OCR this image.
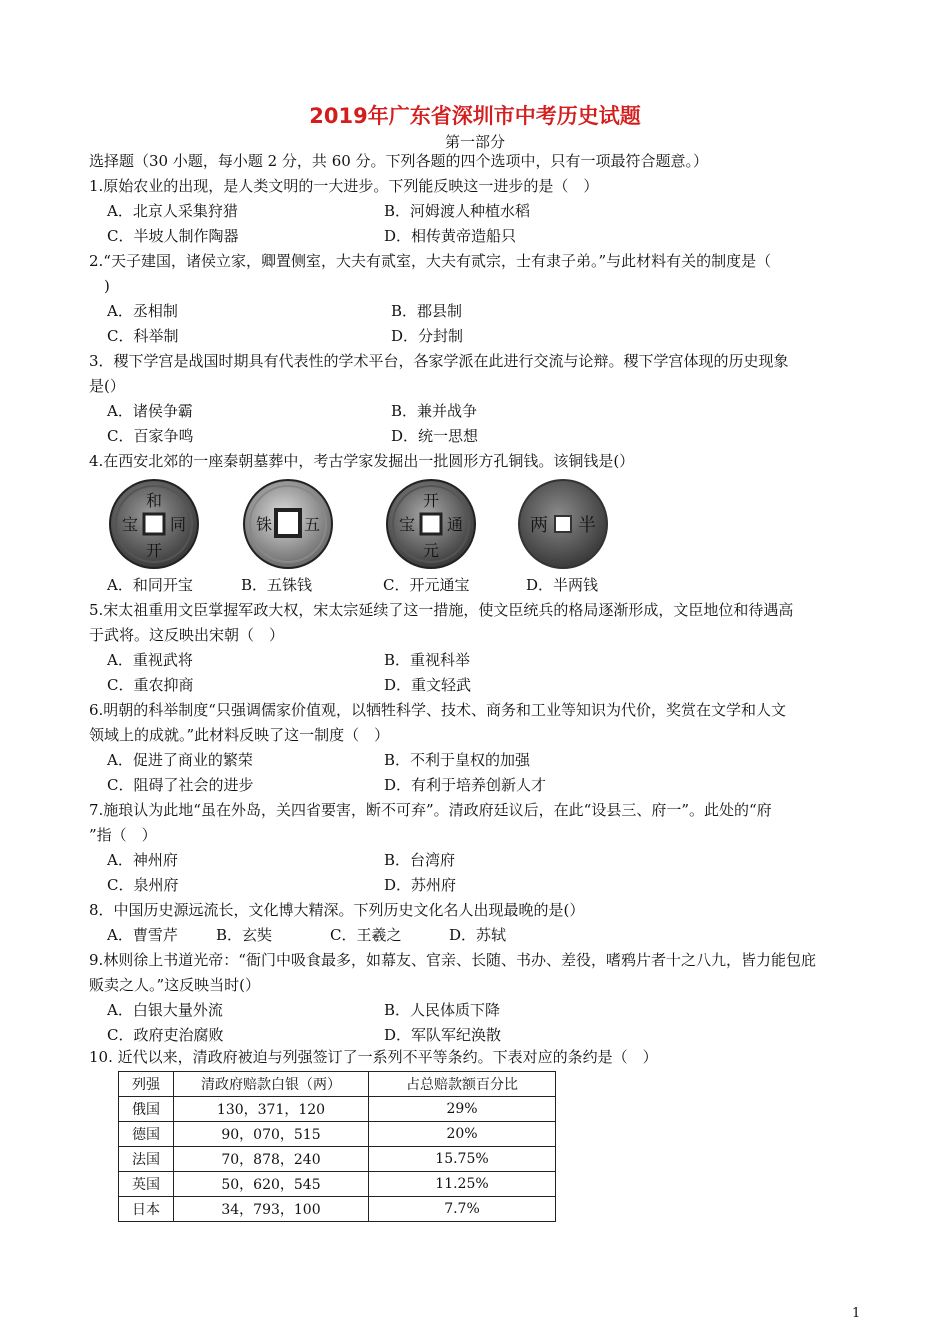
2019年广东省深圳市中考历史试题
第一部分
选择题（30 小题，每小题 2 分，共 60 分。下列各题的四个选项中，只有一项最符合题意。）
1.原始农业的出现，是人类文明的一大进步。下列能反映这一进步的是（　）
A．北京人采集狩猎	B．河姆渡人种植水稻
C．半坡人制作陶器	D．相传黄帝造船只
2.“天子建国，诸侯立家，卿置侧室，大夫有贰室，大夫有贰宗，士有隶子弟。”与此材料有关的制度是（
　)
A．丞相制	B．郡县制
C．科举制	D．分封制
3．稷下学宫是战国时期具有代表性的学术平台，各家学派在此进行交流与论辩。稷下学宫体现的历史现象
是(）
A．诸侯争霸	B．兼并战争
C．百家争鸣	D．统一思想
4.在西安北郊的一座秦朝墓葬中，考古学家发掘出一批圆形方孔铜钱。该铜钱是(）
和
同
开
宝	铢 五
开
元
通
宝	两 半
A．和同开宝	B．五铢钱	C．开元通宝	D．半两钱
5.宋太祖重用文臣掌握军政大权，宋太宗延续了这一措施，使文臣统兵的格局逐渐形成，文臣地位和待遇高
于武将。这反映出宋朝（　）
A．重视武将	B．重视科举
C．重农抑商	D．重文轻武
6.明朝的科举制度“只强调儒家价值观，以牺牲科学、技术、商务和工业等知识为代价，奖赏在文学和人文
领域上的成就。”此材料反映了这一制度（　）
A．促进了商业的繁荣	B．不利于皇权的加强
C．阻碍了社会的进步	D．有利于培养创新人才
7.施琅认为此地“虽在外岛，关四省要害，断不可弃”。清政府廷议后，在此“设县三、府一”。此处的“府
”指（　）
A．神州府	B．台湾府
C．泉州府	D．苏州府
8．中国历史源远流长，文化博大精深。下列历史文化名人出现最晚的是(）
A．曹雪芹	B．玄奘	C．王羲之	D．苏轼
9.林则徐上书道光帝：“衙门中吸食最多，如幕友、官亲、长随、书办、差役，嗜鸦片者十之八九，皆力能包庇
贩卖之人。”这反映当时(）
A．白银大量外流	B．人民体质下降
C．政府吏治腐败	D．军队军纪涣散
10. 近代以来，清政府被迫与列强签订了一系列不平等条约。下表对应的条约是（　）
列强	清政府赔款白银（两）	占总赔款额百分比
俄国	130，371，120	29%
德国	90，070，515	20%
法国	70，878，240	15.75%
英国	50，620，545	11.25%
日本	34，793，100	7.7%
1
